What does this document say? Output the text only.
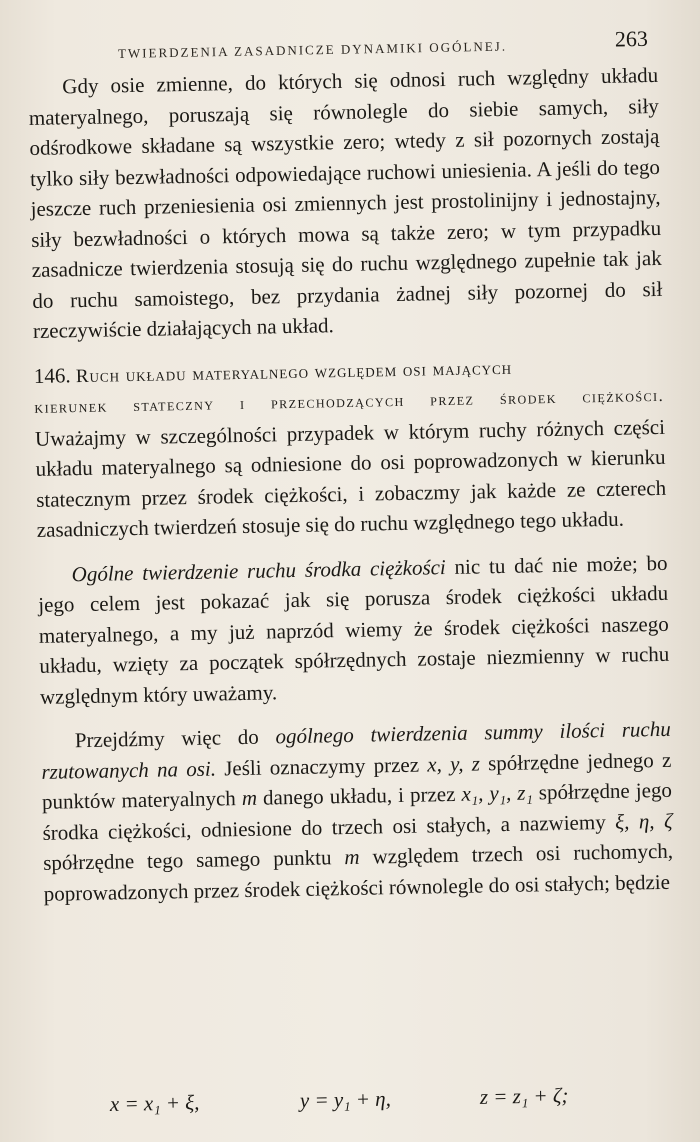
TWIERDZENIA ZASADNICZE DYNAMIKI OGÓLNEJ.	263

Gdy osie zmienne, do których się odnosi ruch względny układu materyalnego, poruszają się równolegle do siebie samych, siły odśrodkowe składane są wszystkie zero; wtedy z sił pozornych zostają tylko siły bezwładności odpowiedające ruchowi uniesienia. A jeśli do tego jeszcze ruch przeniesienia osi zmiennych jest prostolinijny i jednostajny, siły bezwładności o których mowa są także zero; w tym przypadku zasadnicze twierdzenia stosują się do ruchu względnego zupełnie tak jak do ruchu samoistego, bez przydania żadnej siły pozornej do sił rzeczywiście działających na układ.

146. Ruch układu materyalnego względem osi mających

kierunek stateczny i przechodzących przez środek ciężkości.

Uważajmy w szczególności przypadek w którym ruchy różnych części układu materyalnego są odniesione do osi poprowadzonych w kierunku statecznym przez środek ciężkości, i zobaczmy jak każde ze czterech zasadniczych twierdzeń stosuje się do ruchu względnego tego układu.

Ogólne twierdzenie ruchu środka ciężkości nic tu dać nie może; bo jego celem jest pokazać jak się porusza środek ciężkości układu materyalnego, a my już naprzód wiemy że środek ciężkości naszego układu, wzięty za początek spółrzędnych zostaje niezmienny w ruchu względnym który uważamy.

Przejdźmy więc do ogólnego twierdzenia summy ilości ruchu rzutowanych na osi. Jeśli oznaczymy przez x, y, z spółrzędne jednego z punktów materyalnych m danego układu, i przez x₁, y₁, z₁ spółrzędne jego środka ciężkości, odniesione do trzech osi stałych, a nazwiemy ξ, η, ζ spółrzędne tego samego punktu m względem trzech osi ruchomych, poprowadzonych przez środek ciężkości równolegle do osi stałych; będzie

x = x₁ + ξ,	y = y₁ + η,	z = z₁ + ζ;
